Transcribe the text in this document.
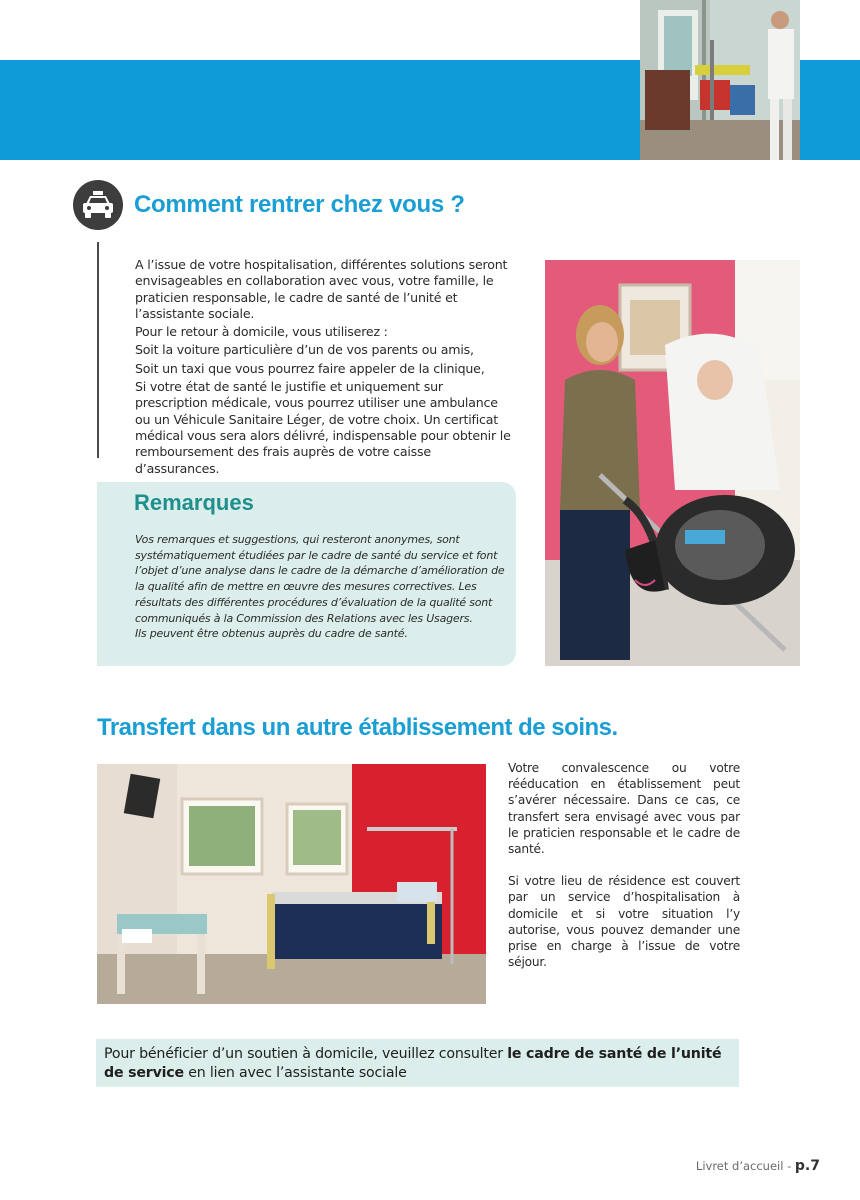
Comment rentrer chez vous ?

A l’issue de votre hospitalisation, différentes solutions seront envisageables en collaboration avec vous, votre famille, le praticien responsable, le cadre de santé de l’unité et l’assistante sociale.

Pour le retour à domicile, vous utiliserez :

Soit la voiture particulière d’un de vos parents ou amis,

Soit un taxi que vous pourrez faire appeler de la clinique,

Si votre état de santé le justifie et uniquement sur prescription médicale, vous pourrez utiliser une ambulance ou un Véhicule Sanitaire Léger, de votre choix. Un certificat médical vous sera alors délivré, indispensable pour obtenir le remboursement des frais auprès de votre caisse d’assurances.

Remarques
Vos remarques et suggestions, qui resteront anonymes, sont systématiquement étudiées par le cadre de santé du service et font l’objet d’une analyse dans le cadre de la démarche d’amélioration de la qualité afin de mettre en œuvre des mesures correctives. Les résultats des différentes procédures d’évaluation de la qualité sont communiqués à la Commission des Relations avec les Usagers.
Ils peuvent être obtenus auprès du cadre de santé.
Transfert dans un autre établissement de soins.

Votre convalescence ou votre rééducation en établissement peut s’avérer nécessaire. Dans ce cas, ce transfert sera envisagé avec vous par le praticien responsable et le cadre de santé.

Si votre lieu de résidence est couvert par un service d’hospitalisation à domicile et si votre situation l’y autorise, vous pouvez demander une prise en charge à l’issue de votre séjour.

Pour bénéficier d’un soutien à domicile, veuillez consulter le cadre de santé de l’unité de service en lien avec l’assistante sociale
Livret d’accueil - p.7
